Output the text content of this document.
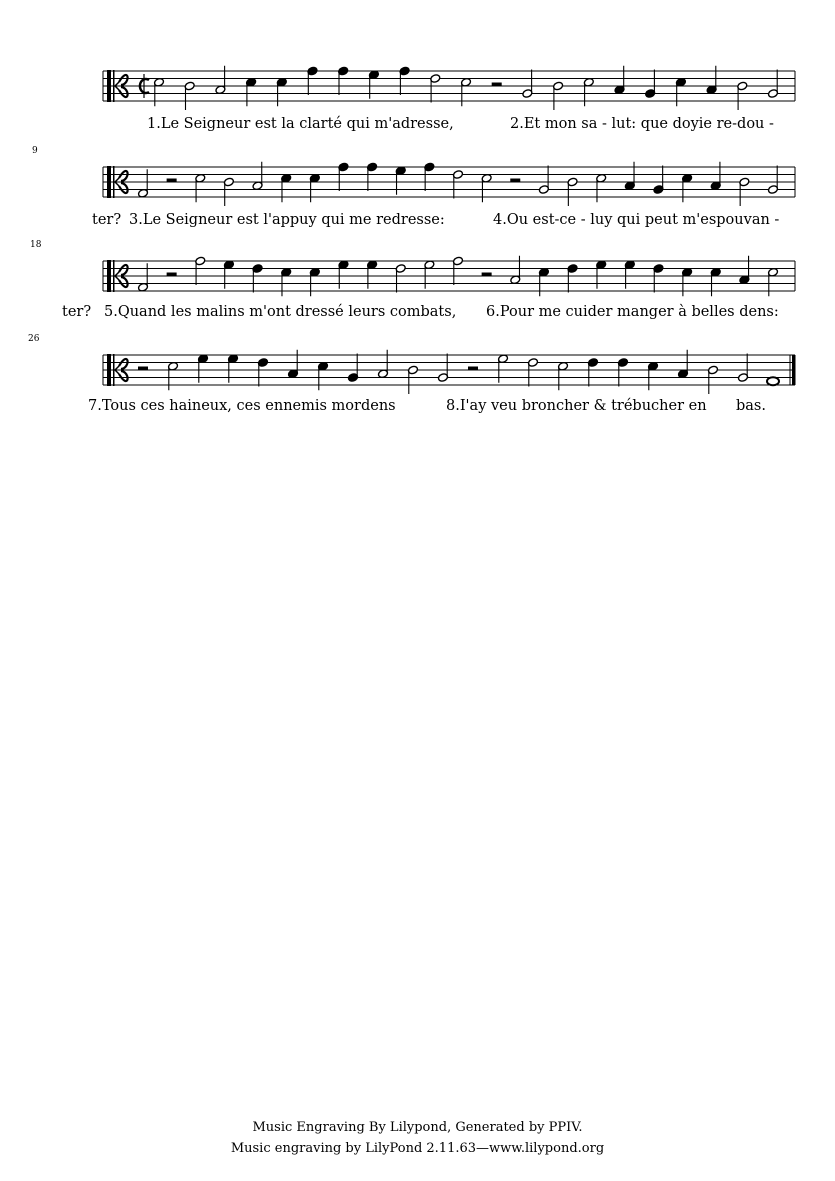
1.Le Seigneur est la clarté qui m'adresse,	2.Et mon sa - lut: que doyie re-dou -
9
ter? 3.Le Seigneur est l'appuy qui me redresse:	4.Ou est-ce - luy qui peut m'espouvan -
18
ter? 5.Quand les malins m'ont dressé leurs combats, 6.Pour me cuider manger à belles dens:
26
7.Tous ces haineux, ces ennemis mordens	8.I'ay veu broncher & trébucher en bas.
Music Engraving By Lilypond, Generated by PPIV.
Music engraving by LilyPond 2.11.63—www.lilypond.org
